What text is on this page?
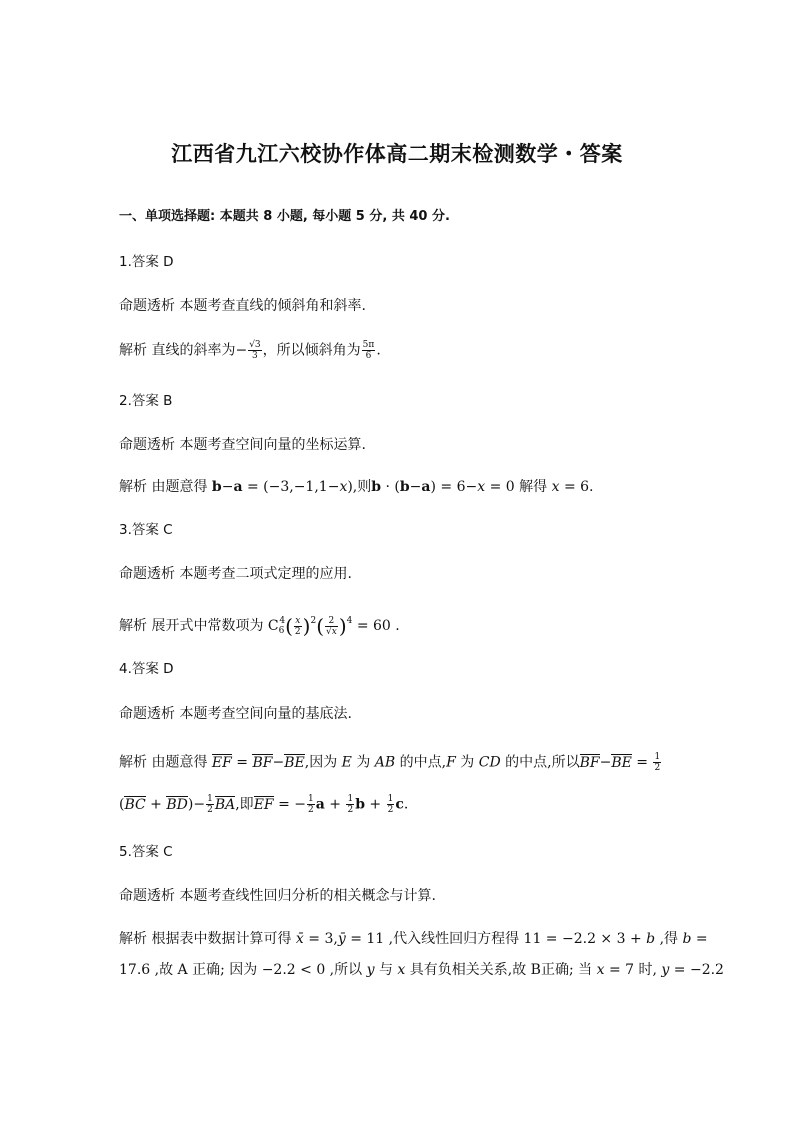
江西省九江六校协作体高二期末检测数学・答案
一、单项选择题: 本题共 8 小题, 每小题 5 分, 共 40 分.
1.答案 D
命题透析 本题考查直线的倾斜角和斜率.
解析 直线的斜率为− $\frac{√3}{3}$ ，所以倾斜角为 $\frac{5\pi}{6}$ .
2.答案 B
命题透析 本题考查空间向量的坐标运算.
解析 由题意得 b−a = (−3,−1,1−x),则b · (b−a) = 6−x = 0 解得 x = 6.
3.答案 C
命题透析 本题考查二项式定理的应用.
解析 展开式中常数项为 $C_6^4( \frac{x}{2} )^2( \frac{2}{√x} )^4 = 60$ .
4.答案 D
命题透析 本题考查空间向量的基底法.
解析 由题意得 EF = BF−BE,因为 E 为 AB 的中点,F 为 CD 的中点,所以$BF-BE = \frac{1}{2}$
$(BC + BD)- \frac{1}{2}$ BA,即EF = − $\frac{1}{2}$ $a + \frac{1}{2}$ $b + \frac{1}{2} c$.
5.答案 C
命题透析 本题考查线性回归分析的相关概念与计算.
解析 根据表中数据计算可得 x̄ = 3,ȳ = 11 ,代入线性回归方程得 11 = −2.2 × 3 + b ,得 b =
17.6 ,故 A 正确; 因为 −2.2 < 0 ,所以 y 与 x 具有负相关关系,故 B正确; 当 x = 7 时, y = −2.2
